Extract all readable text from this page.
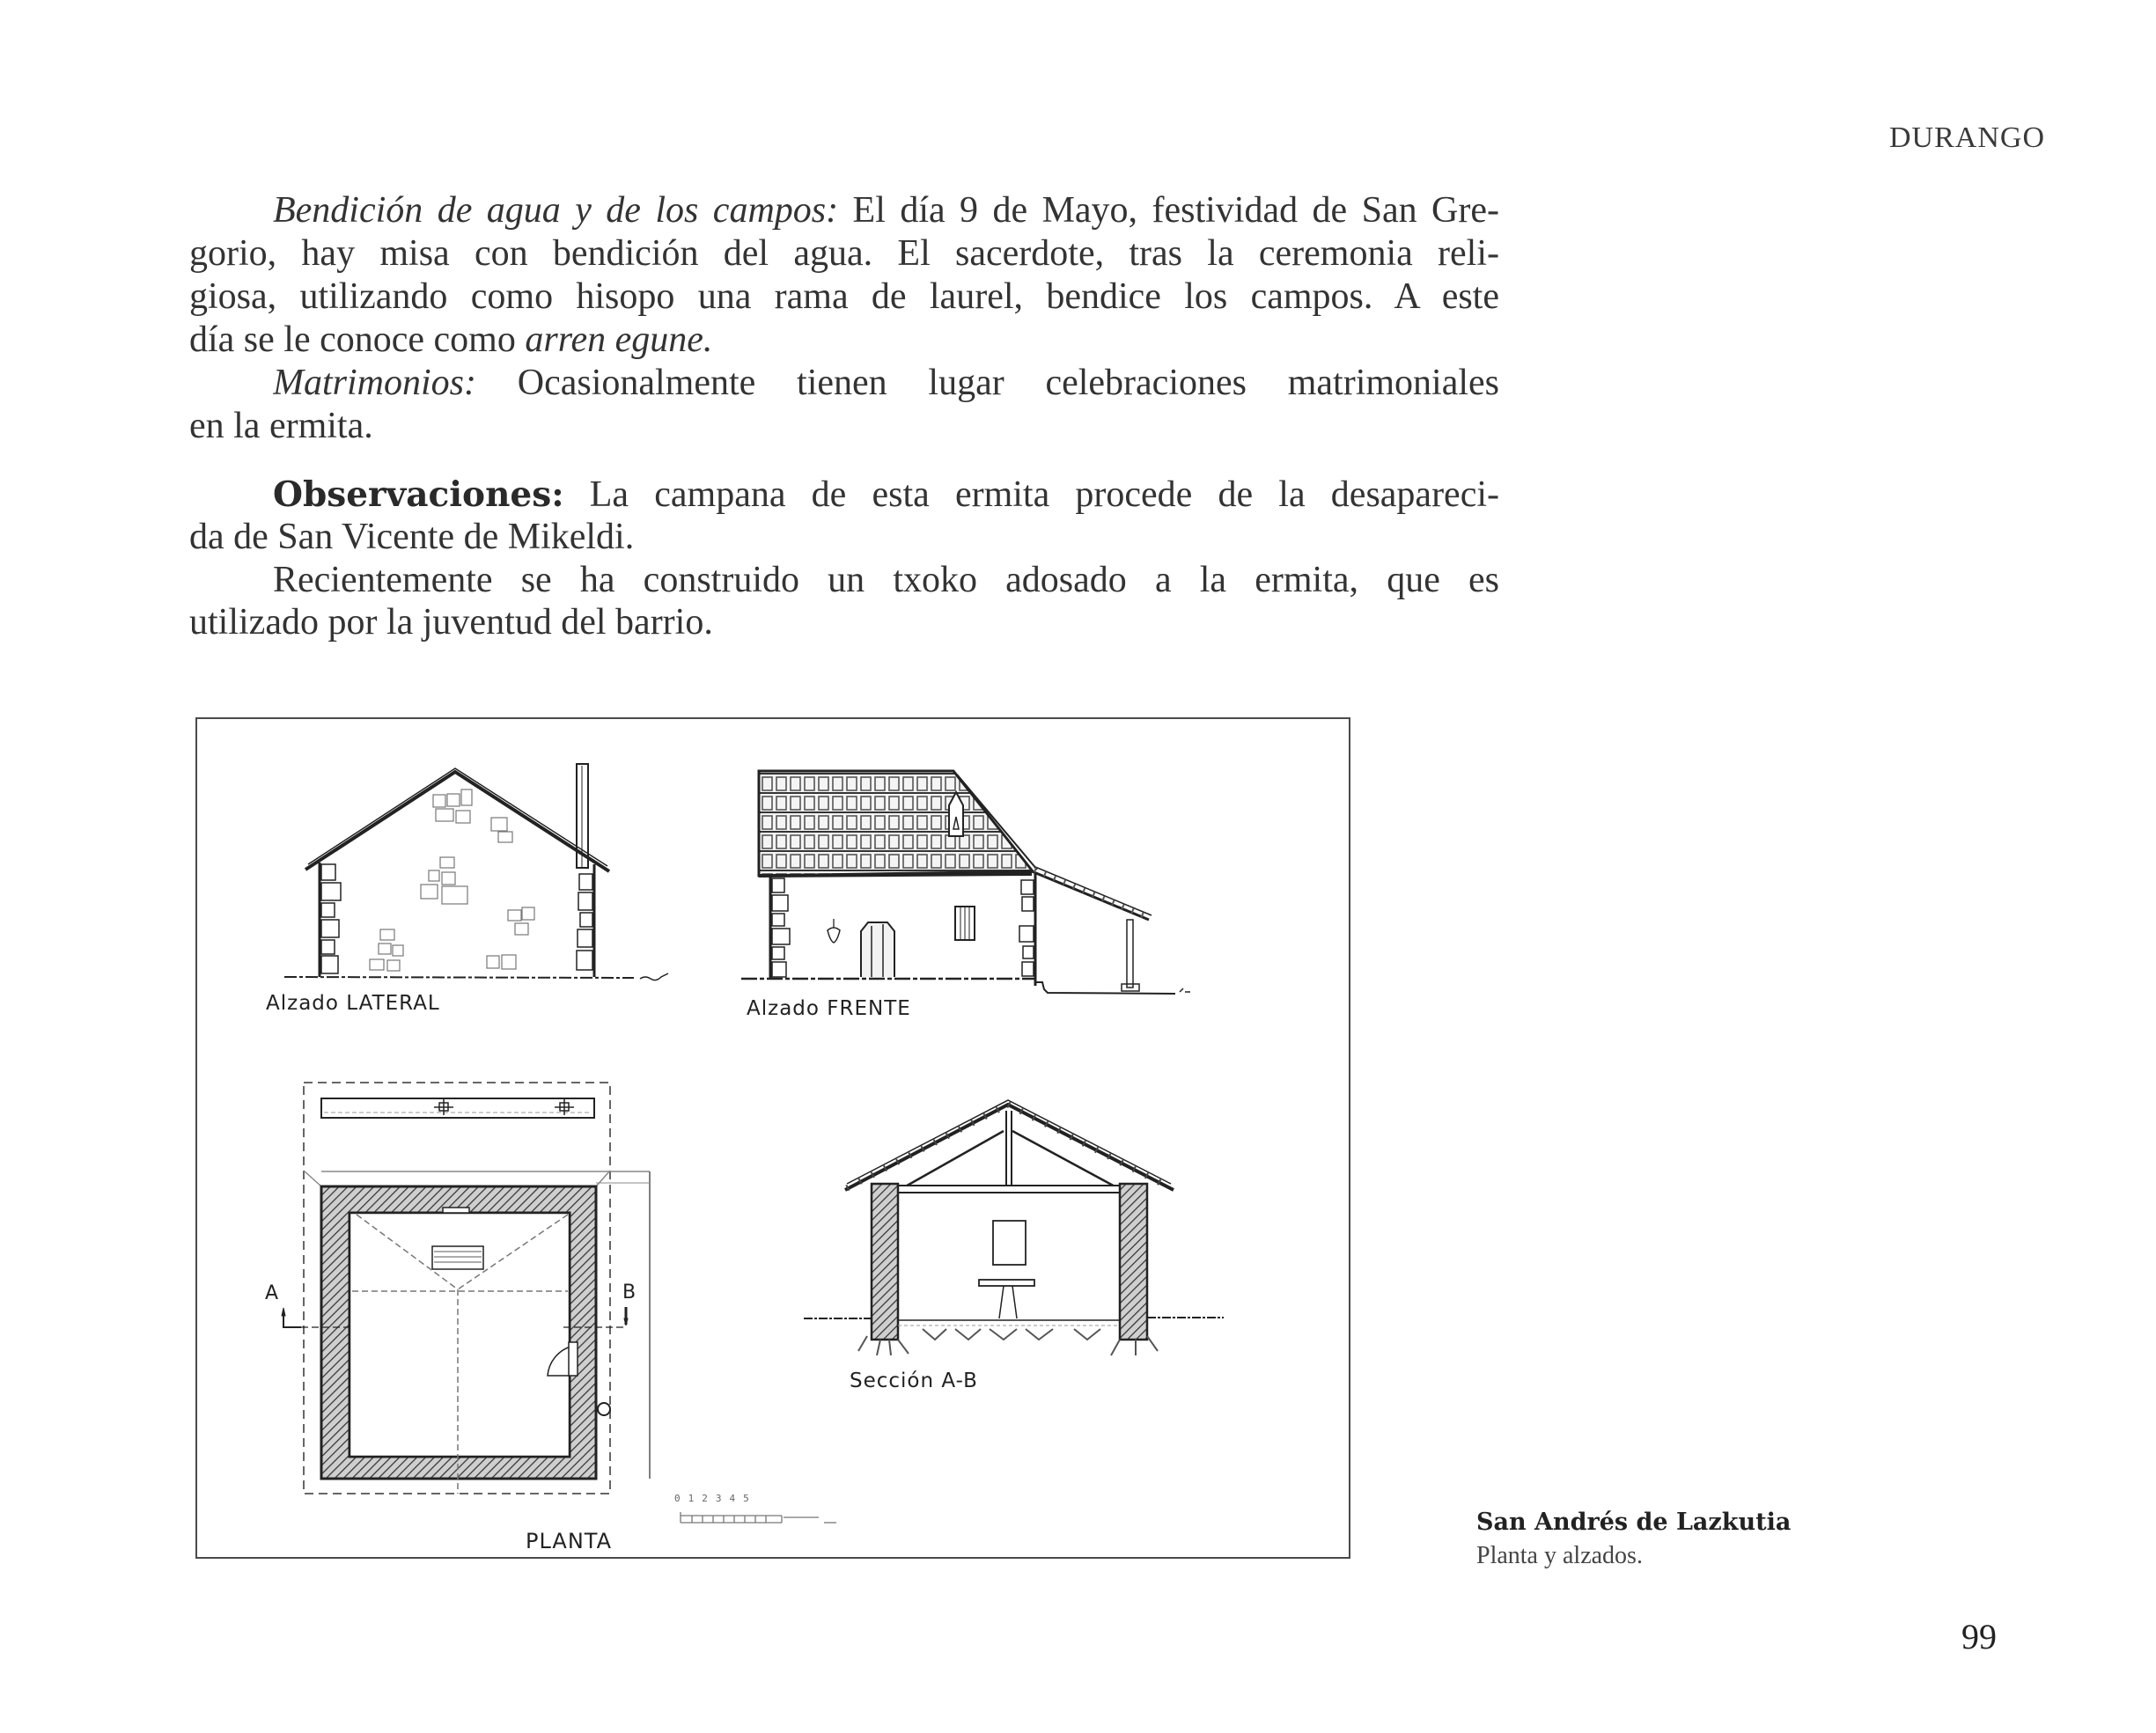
DURANGO
Bendición de agua y de los campos: El día 9 de Mayo, festividad de San Gre-
gorio, hay misa con bendición del agua. El sacerdote, tras la ceremonia reli-
giosa, utilizando como hisopo una rama de laurel, bendice los campos. A este
día se le conoce como arren egune.
Matrimonios: Ocasionalmente tienen lugar celebraciones matrimoniales
en la ermita.
Observaciones: La campana de esta ermita procede de la desapareci-
da de San Vicente de Mikeldi.
Recientemente se ha construido un txoko adosado a la ermita, que es
utilizado por la juventud del barrio.
Alzado LATERAL	Alzado FRENTE
PLANTA
Sección A-B
A	B
012345
San Andrés de Lazkutia
Planta y alzados.
99
